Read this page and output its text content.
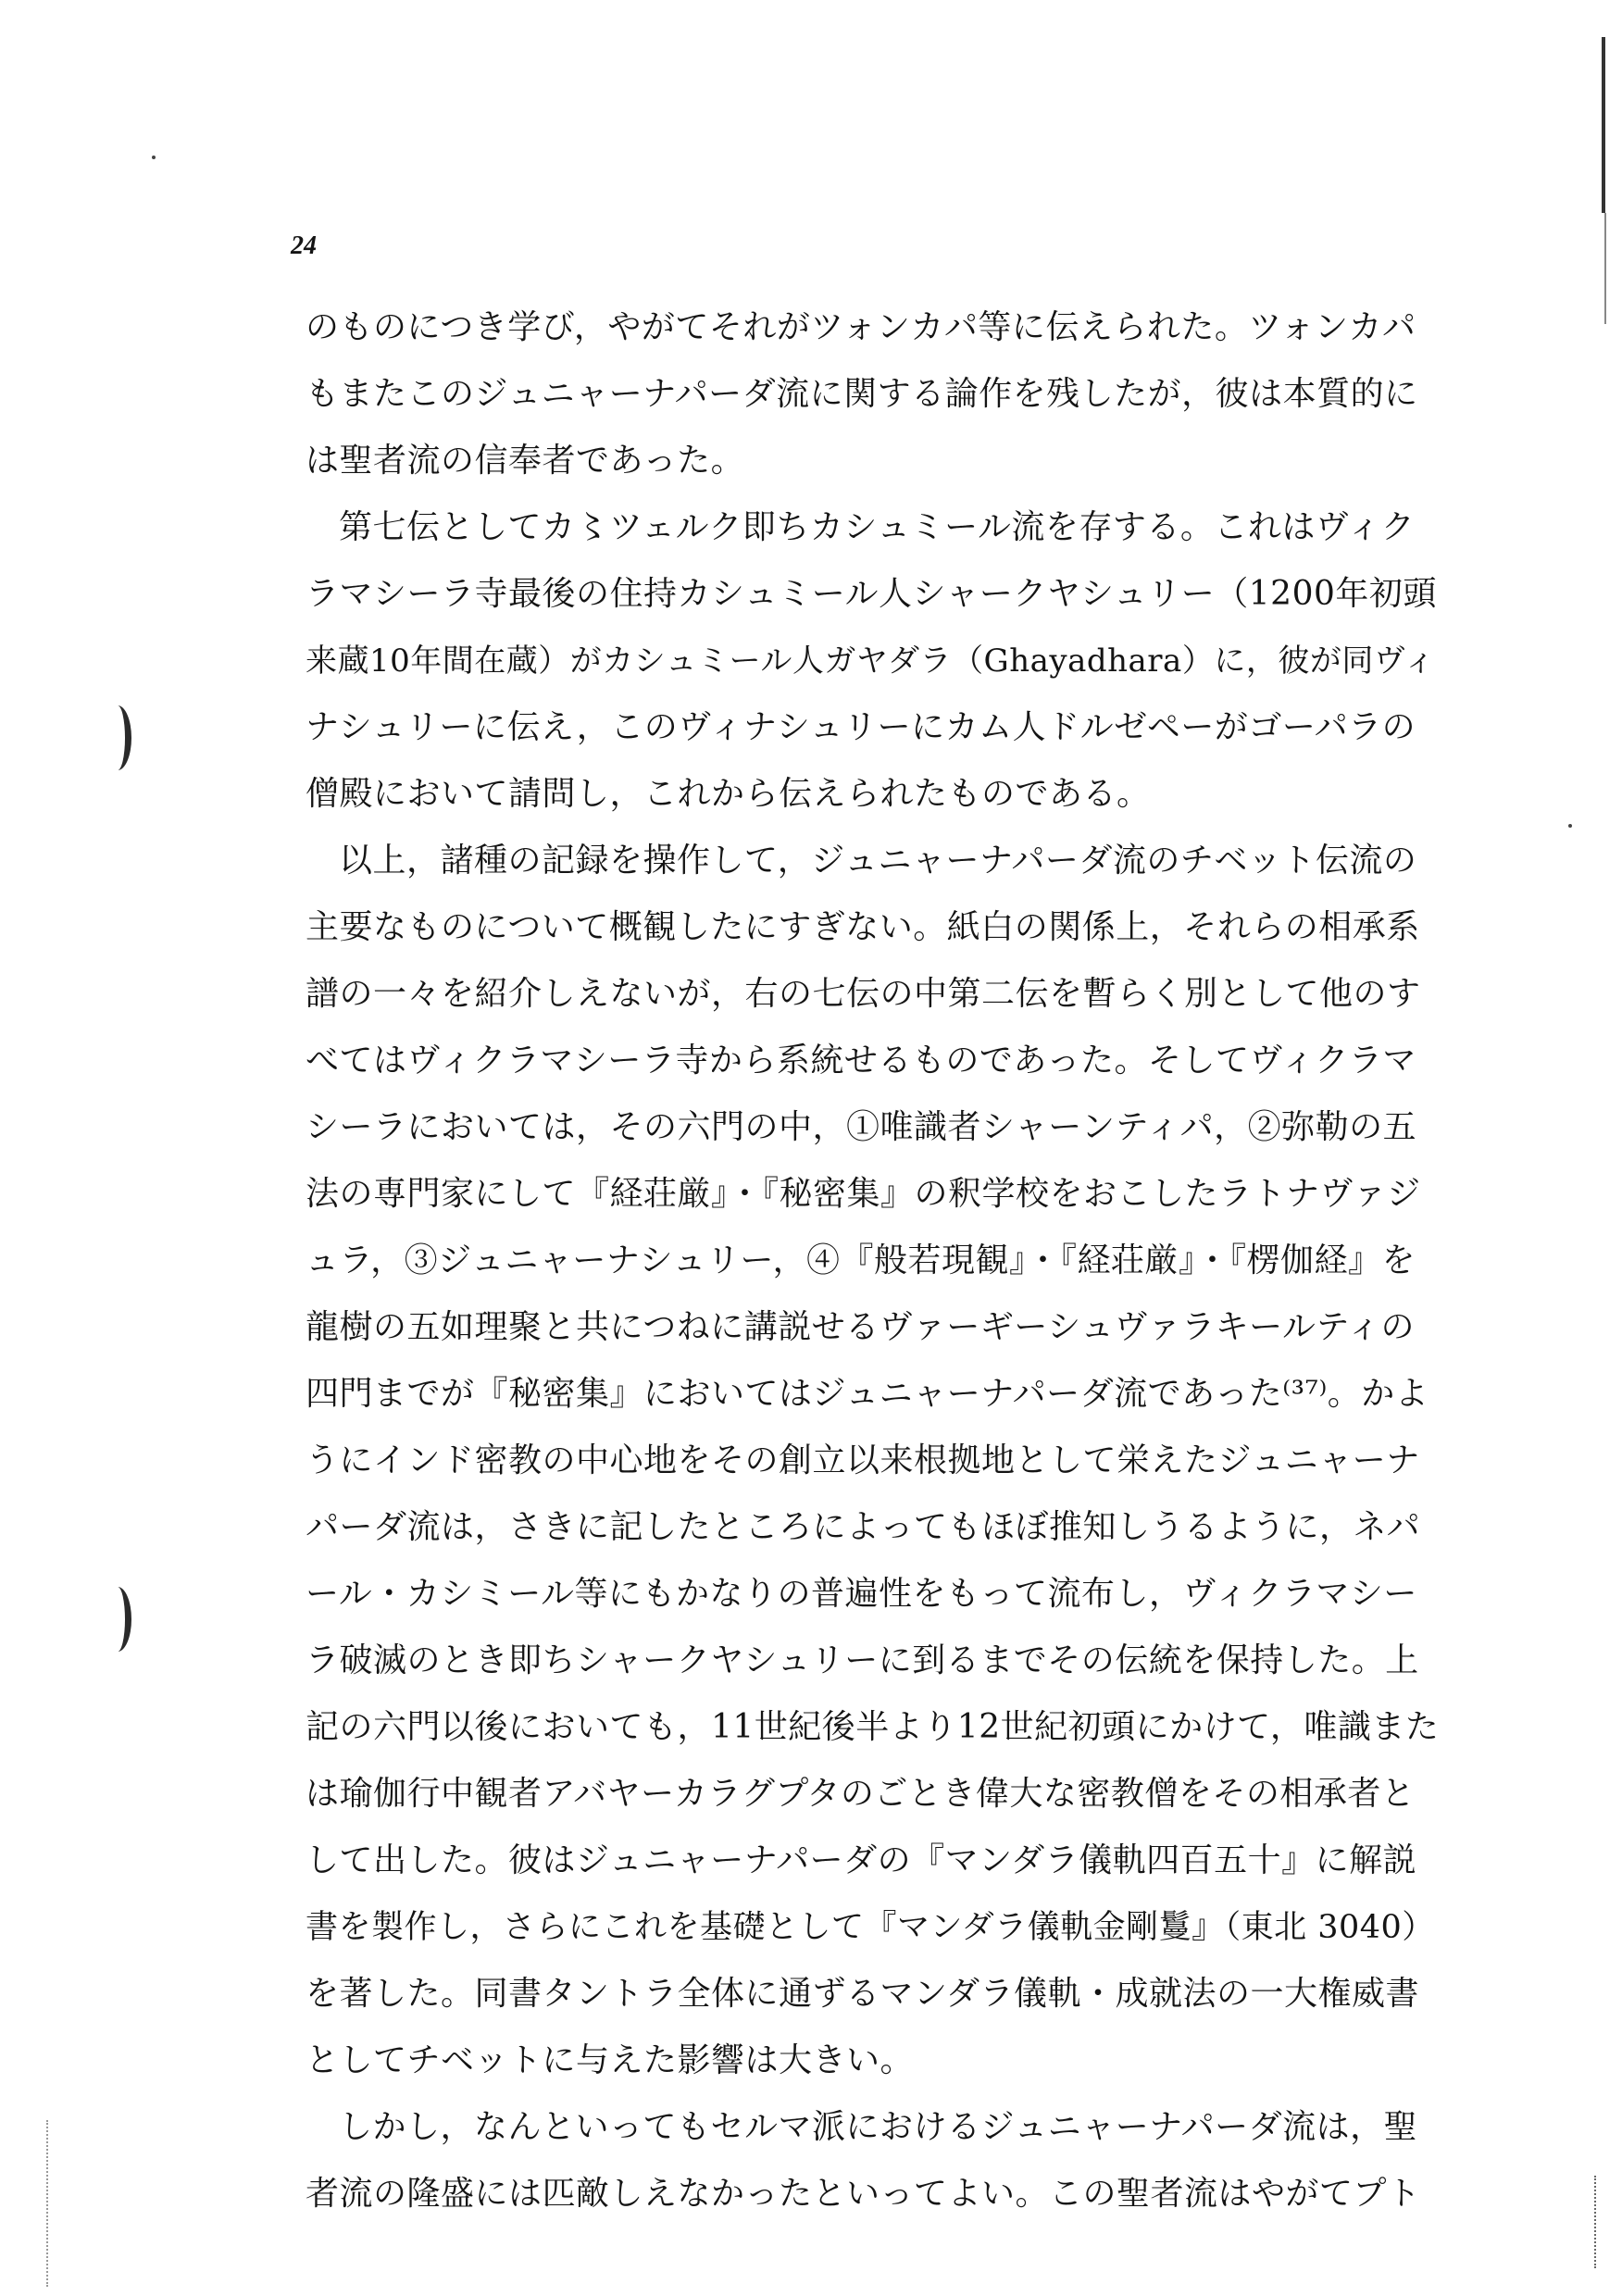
24
のものにつき学び，やがてそれがツォンカパ等に伝えられた。ツォンカパ
もまたこのジュニャーナパーダ流に関する論作を残したが，彼は本質的に
は聖者流の信奉者であった。
第七伝としてカ〻ツェルク即ちカシュミール流を存する。これはヴィク
ラマシーラ寺最後の住持カシュミール人シャークヤシュリー（1200年初頭
来蔵10年間在蔵）がカシュミール人ガヤダラ（Ghayadhara）に，彼が同ヴィ
ナシュリーに伝え，このヴィナシュリーにカム人ドルゼペーがゴーパラの
僧殿において請問し，これから伝えられたものである。
以上，諸種の記録を操作して，ジュニャーナパーダ流のチベット伝流の
主要なものについて概観したにすぎない。紙白の関係上，それらの相承系
譜の一々を紹介しえないが，右の七伝の中第二伝を暫らく別として他のす
べてはヴィクラマシーラ寺から系統せるものであった。そしてヴィクラマ
シーラにおいては，その六門の中，①唯識者シャーンティパ，②弥勒の五
法の専門家にして『経荘厳』・『秘密集』の釈学校をおこしたラトナヴァジ
ュラ，③ジュニャーナシュリー，④『般若現観』・『経荘厳』・『楞伽経』を
龍樹の五如理聚と共につねに講説せるヴァーギーシュヴァラキールティの
四門までが『秘密集』においてはジュニャーナパーダ流であった⁽³⁷⁾。かよ
うにインド密教の中心地をその創立以来根拠地として栄えたジュニャーナ
パーダ流は，さきに記したところによってもほぼ推知しうるように，ネパ
ール・カシミール等にもかなりの普遍性をもって流布し，ヴィクラマシー
ラ破滅のとき即ちシャークヤシュリーに到るまでその伝統を保持した。上
記の六門以後においても，11世紀後半より12世紀初頭にかけて，唯識また
は瑜伽行中観者アバヤーカラグプタのごとき偉大な密教僧をその相承者と
して出した。彼はジュニャーナパーダの『マンダラ儀軌四百五十』に解説
書を製作し，さらにこれを基礎として『マンダラ儀軌金剛鬘』（東北 3040）
を著した。同書タントラ全体に通ずるマンダラ儀軌・成就法の一大権威書
としてチベットに与えた影響は大きい。
しかし，なんといってもセルマ派におけるジュニャーナパーダ流は，聖
者流の隆盛には匹敵しえなかったといってよい。この聖者流はやがてプト
